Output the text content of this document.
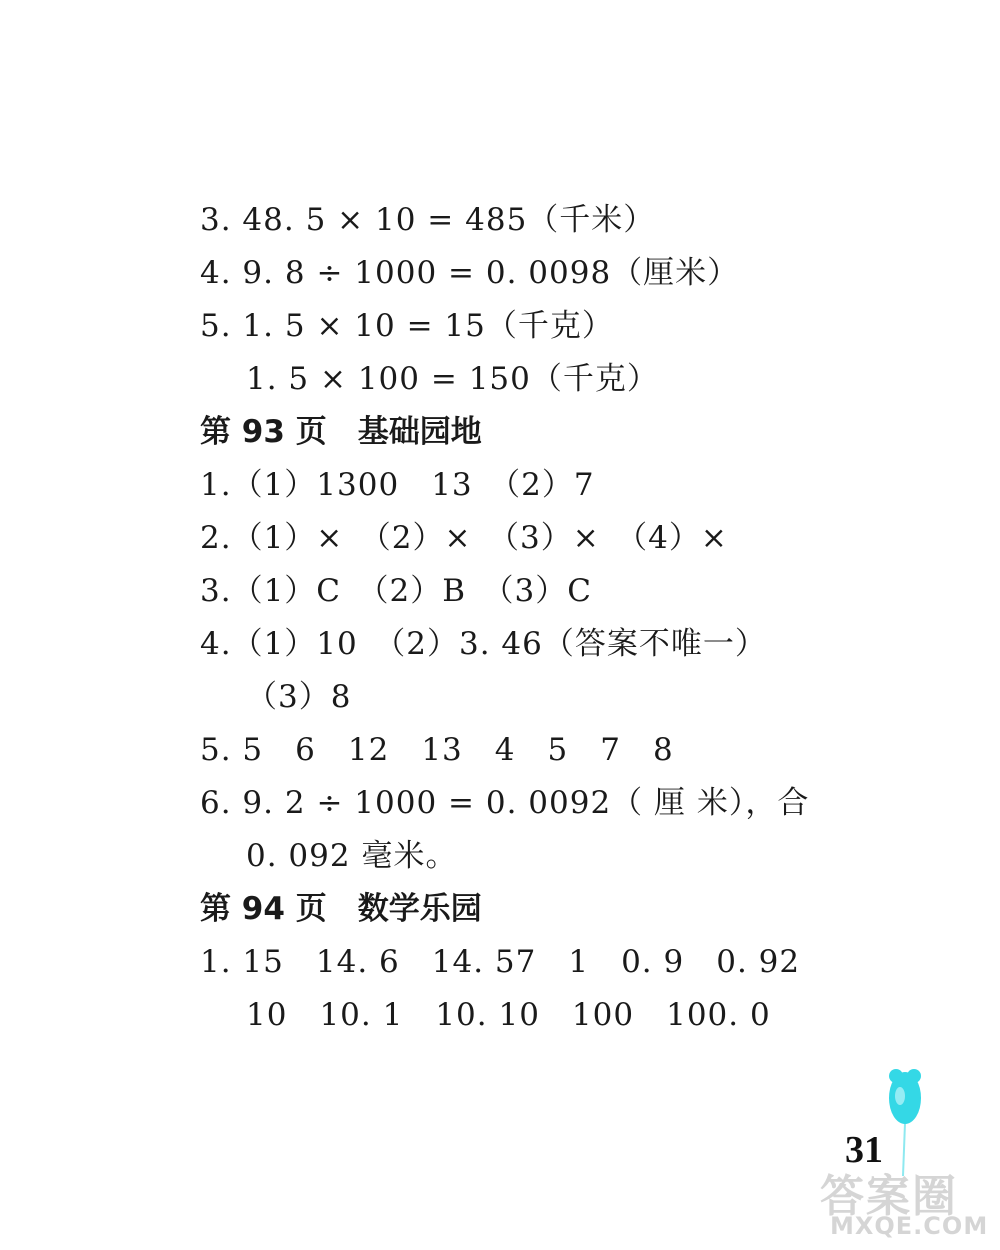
3. 48. 5 × 10 = 485（千米）
4. 9. 8 ÷ 1000 = 0. 0098（厘米）
5. 1. 5 × 10 = 15（千克）
1. 5 × 100 = 150（千克）
第 93 页　基础园地
1.（1）1300　13　（2）7
2.（1）×　（2）×　（3）×　（4）×
3.（1）C　（2）B　（3）C
4.（1）10　（2）3. 46（答案不唯一）
（3）8
5. 5　6　12　13　4　5　7　8
6. 9. 2 ÷ 1000 = 0. 0092（ 厘 米），合
0. 092 毫米。
第 94 页　数学乐园
1. 15　14. 6　14. 57　1　0. 9　0. 92
10　10. 1　10. 10　100　100. 0
31
答案圈
MXQE.COM
